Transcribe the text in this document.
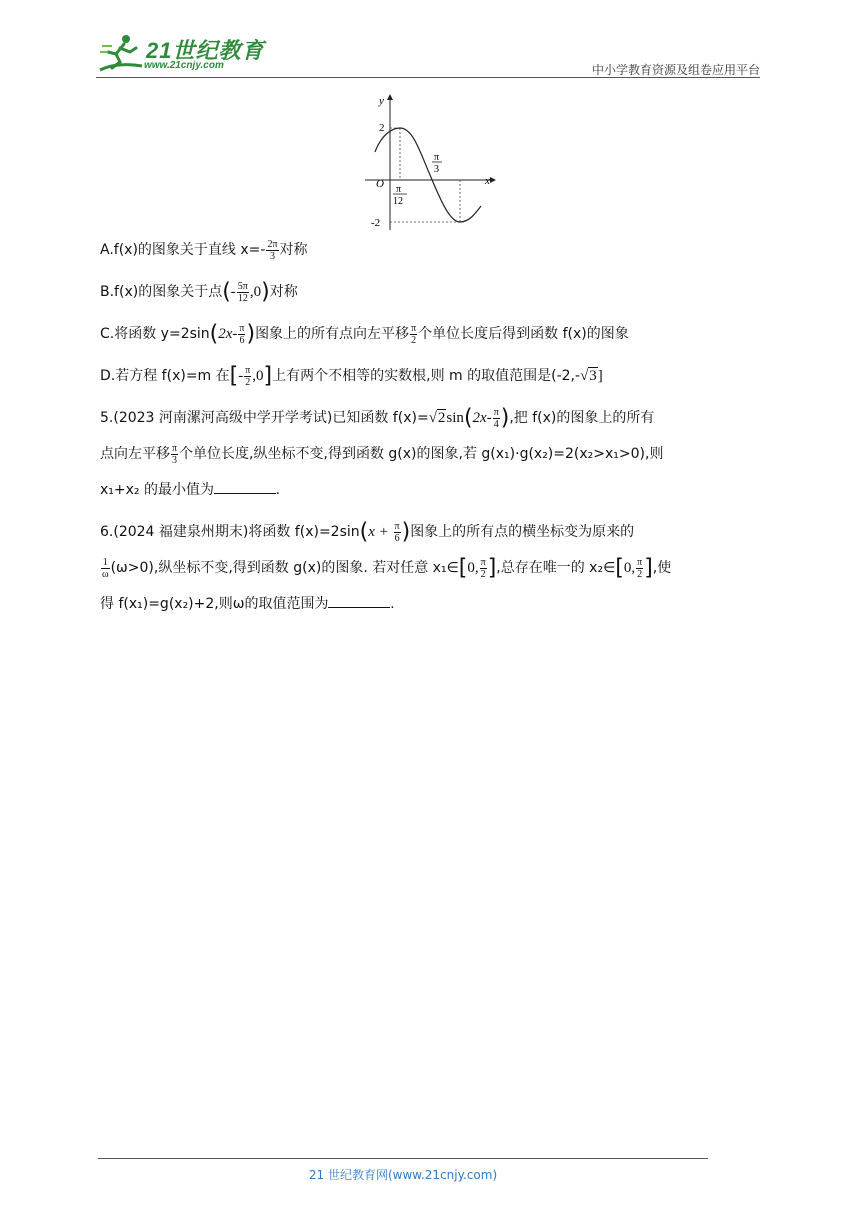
21世纪教育
www.21cnjy.com	中小学教育资源及组卷应用平台
y
x
O
2
-2
π
12
π
3
A.f(x)的图象关于直线 $x=- \frac{2\pi}{3}$ 对称
B.f(x)的图象关于点(- $\frac{5\pi}{12} ,0$)对称
C.将函数 $y=2\sin(2x- \frac{\pi}{6}$ )图象上的所有点向左平移 $\frac{\pi}{2}$ 个单位长度后得到函数 f(x)的图象
D.若方程 f(x)=m 在[- $\frac{\pi}{2} ,0$]上有两个不相等的实数根,则 m 的取值范围是(-2,-√3]
5.(2023 河南漯河高级中学开学考试)已知函数 $f(x)=√2\sin(2x- \frac{\pi}{4}$ ),把 f(x)的图象上的所有
点向左平移 $\frac{\pi}{3}$ 个单位长度,纵坐标不变,得到函数 g(x)的图象,若 g(x₁)·g(x₂)=2(x₂>x₁>0),则
x₁+x₂ 的最小值为	.
6.(2024 福建泉州期末)将函数 $f(x)=2\sin(x + \frac{\pi}{6}$ )图象上的所有点的横坐标变为原来的
$\frac{1}{\omega} (\omega>0)$,纵坐标不变,得到函数 g(x)的图象. 若对任意 x₁∈[0, $\frac{\pi}{2}$ ],总存在唯一的 x₂∈[0, $\frac{\pi}{2}$ ],使
得 f(x₁)=g(x₂)+2,则ω的取值范围为	.
21 世纪教育网(www.21cnjy.com)
